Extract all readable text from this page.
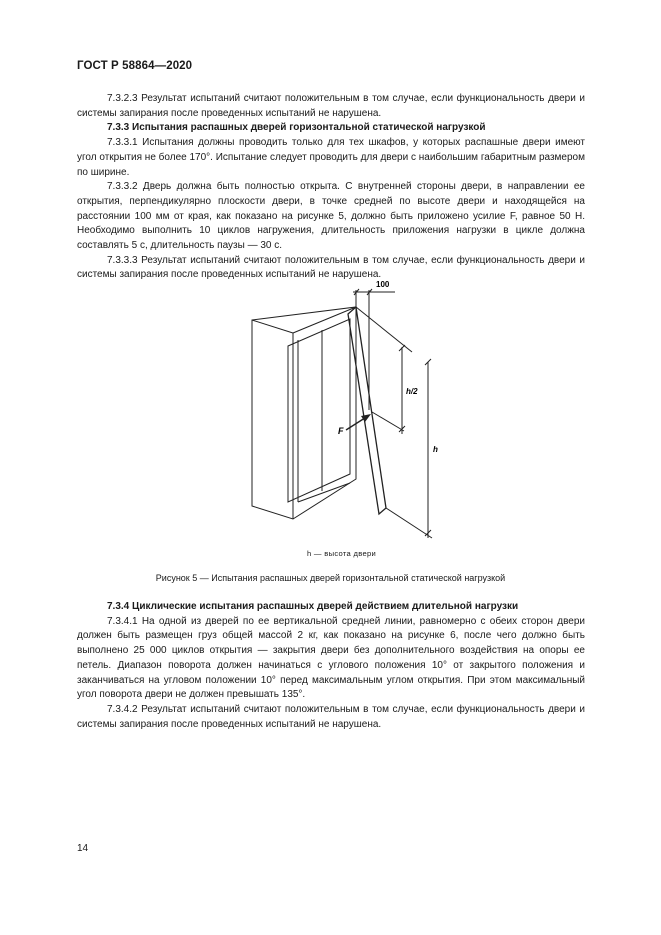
ГОСТ Р 58864—2020

7.3.2.3 Результат испытаний считают положительным в том случае, если функциональность двери и системы запирания после проведенных испытаний не нарушена.

7.3.3 Испытания распашных дверей горизонтальной статической нагрузкой

7.3.3.1 Испытания должны проводить только для тех шкафов, у которых распашные двери имеют угол открытия не более 170°. Испытание следует проводить для двери с наибольшим габаритным размером по ширине.

7.3.3.2 Дверь должна быть полностью открыта. С внутренней стороны двери, в направлении ее открытия, перпендикулярно плоскости двери, в точке средней по высоте двери и находящейся на расстоянии 100 мм от края, как показано на рисунке 5, должно быть приложено усилие F, равное 50 Н. Необходимо выполнить 10 циклов нагружения, длительность приложения нагрузки в цикле должна составлять 5 с, длительность паузы — 30 с.

7.3.3.3 Результат испытаний считают положительным в том случае, если функциональность двери и системы запирания после проведенных испытаний не нарушена.

100
h/2
h
F
h — высота двери
Рисунок 5 — Испытания распашных дверей горизонтальной статической нагрузкой

7.3.4 Циклические испытания распашных дверей действием длительной нагрузки

7.3.4.1 На одной из дверей по ее вертикальной средней линии, равномерно с обеих сторон двери должен быть размещен груз общей массой 2 кг, как показано на рисунке 6, после чего должно быть выполнено 25 000 циклов открытия — закрытия двери без дополнительного воздействия на опоры ее петель. Диапазон поворота должен начинаться с углового положения 10° от закрытого положения и заканчиваться на угловом положении 10° перед максимальным углом открытия. При этом максимальный угол поворота двери не должен превышать 135°.

7.3.4.2 Результат испытаний считают положительным в том случае, если функциональность двери и системы запирания после проведенных испытаний не нарушена.

14
